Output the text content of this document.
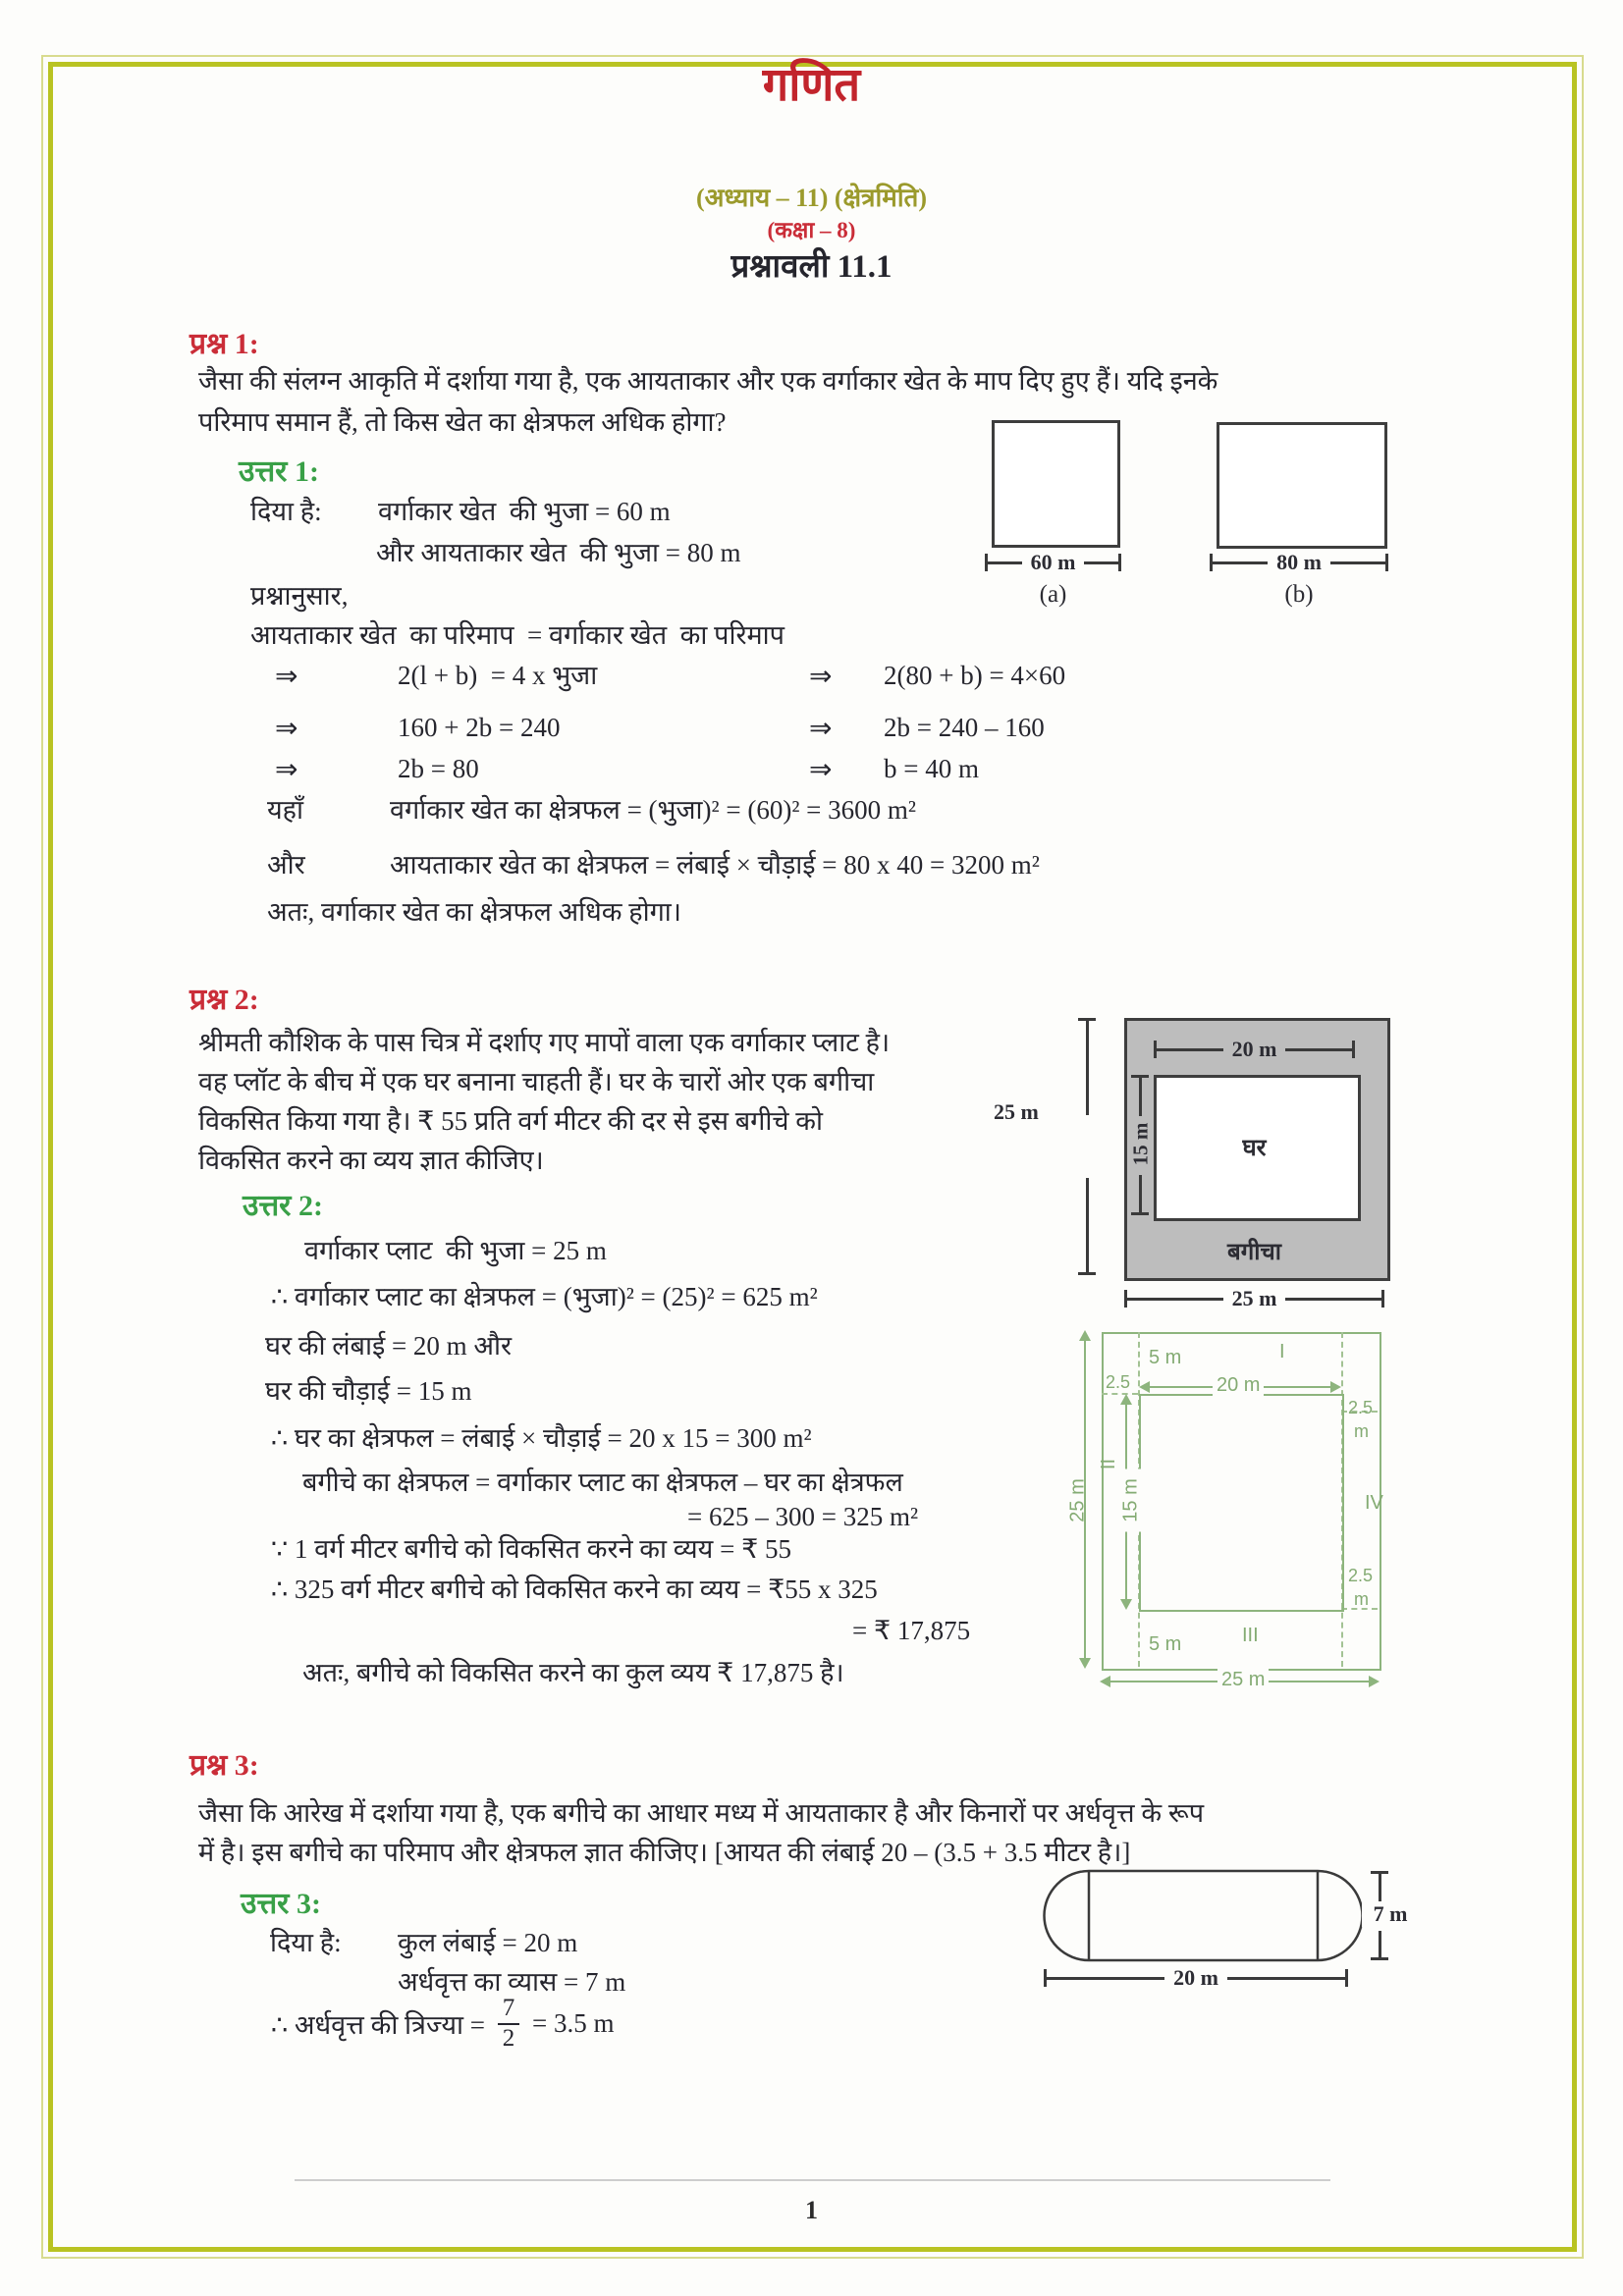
गणित
(अध्याय – 11) (क्षेत्रमिति)
(कक्षा – 8)
प्रश्नावली 11.1
प्रश्न 1:
जैसा की संलग्न आकृति में दर्शाया गया है, एक आयताकार और एक वर्गाकार खेत के माप दिए हुए हैं। यदि इनके
परिमाप समान हैं, तो किस खेत का क्षेत्रफल अधिक होगा?
उत्तर 1:
दिया है: वर्गाकार खेत  की भुजा = 60 m
और आयताकार खेत  की भुजा = 80 m
प्रश्नानुसार,
आयताकार खेत  का परिमाप  = वर्गाकार खेत  का परिमाप
⇒	2(l + b)  = 4 x भुजा	⇒ 2(80 + b) = 4×60
⇒	160 + 2b = 240	⇒ 2b = 240 – 160
⇒	2b = 80	⇒ b = 40 m
यहाँ	वर्गाकार खेत का क्षेत्रफल = (भुजा)² = (60)² = 3600 m²
और	आयताकार खेत का क्षेत्रफल = लंबाई × चौड़ाई = 80 x 40 = 3200 m²
अतः, वर्गाकार खेत का क्षेत्रफल अधिक होगा।
60 m
(a)
80 m
(b)
प्रश्न 2:
श्रीमती कौशिक के पास चित्र में दर्शाए गए मापों वाला एक वर्गाकार प्लाट है।
वह प्लॉट के बीच में एक घर बनाना चाहती हैं। घर के चारों ओर एक बगीचा
विकसित किया गया है। ₹ 55 प्रति वर्ग मीटर की दर से इस बगीचे को
विकसित करने का व्यय ज्ञात कीजिए।
उत्तर 2:
वर्गाकार प्लाट  की भुजा = 25 m
∴ वर्गाकार प्लाट का क्षेत्रफल = (भुजा)² = (25)² = 625 m²
घर की लंबाई = 20 m और
घर की चौड़ाई = 15 m
∴ घर का क्षेत्रफल = लंबाई × चौड़ाई = 20 x 15 = 300 m²
बगीचे का क्षेत्रफल = वर्गाकार प्लाट का क्षेत्रफल – घर का क्षेत्रफल
= 625 – 300 = 325 m²
∵ 1 वर्ग मीटर बगीचे को विकसित करने का व्यय = ₹ 55
∴ 325 वर्ग मीटर बगीचे को विकसित करने का व्यय = ₹55 x 325
= ₹ 17,875
अतः, बगीचे को विकसित करने का कुल व्यय ₹ 17,875 है।
25 m
20 m
15 m	घर
बगीचा
25 m
5 m	I
2.5	20 m
2.5
m
II
15 m
25 m	IV
2.5
m
5 m	III
25 m
प्रश्न 3:
जैसा कि आरेख में दर्शाया गया है, एक बगीचे का आधार मध्य में आयताकार है और किनारों पर अर्धवृत्त के रूप
में है। इस बगीचे का परिमाप और क्षेत्रफल ज्ञात कीजिए। [आयत की लंबाई 20 – (3.5 + 3.5 मीटर है।]
उत्तर 3:
दिया है: कुल लंबाई = 20 m
अर्धवृत्त का व्यास = 7 m
∴ अर्धवृत्त की त्रिज्या = $\frac{7}{2} = 3.5$ m
7 m
20 m
1
